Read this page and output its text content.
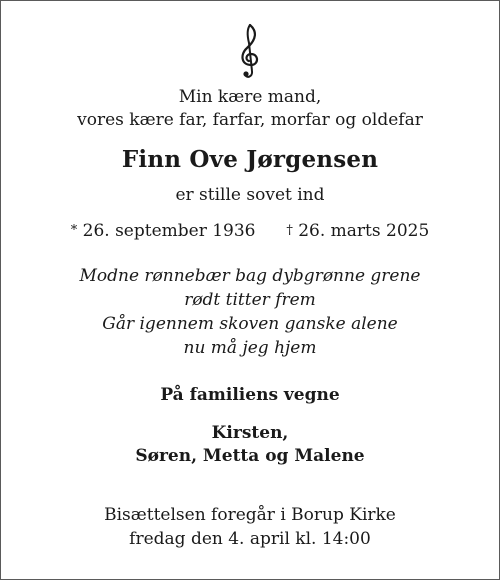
Min kære mand,
vores kære far, farfar, morfar og oldefar
Finn Ove Jørgensen
er stille sovet ind
* 26. september 1936 † 26. marts 2025
Modne rønnebær bag dybgrønne grene
rødt titter frem
Går igennem skoven ganske alene
nu må jeg hjem
På familiens vegne
Kirsten,
Søren, Metta og Malene
Bisættelsen foregår i Borup Kirke
fredag den 4. april kl. 14:00
